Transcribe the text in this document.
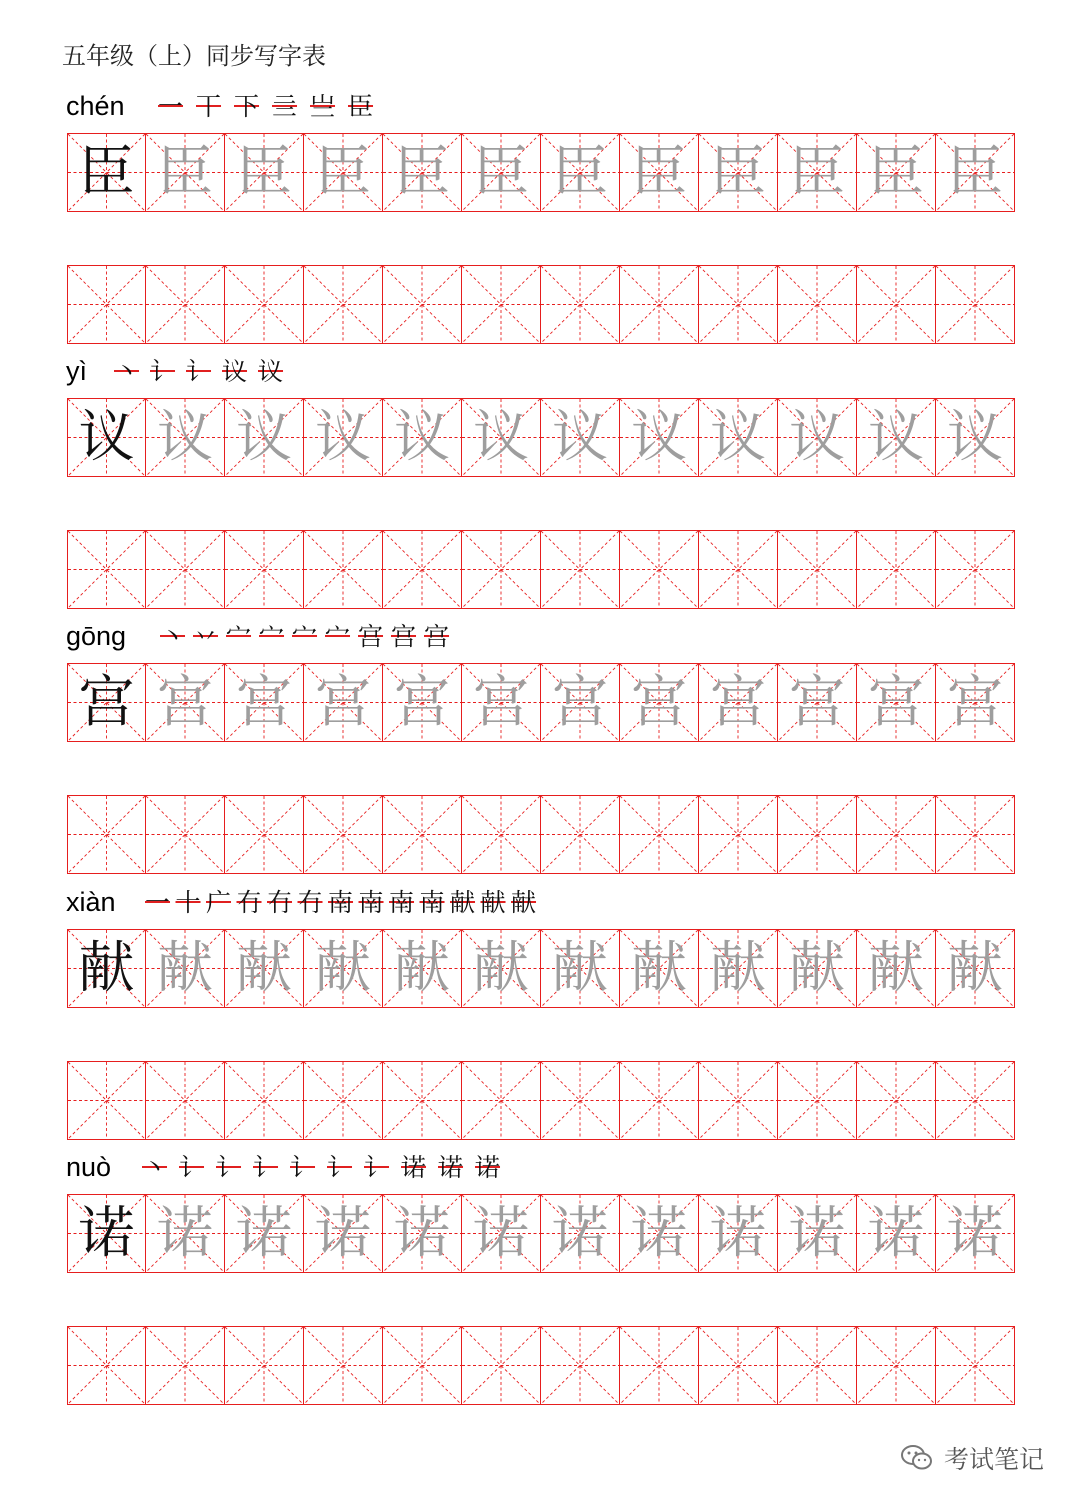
五年级（上）同步写字表
chén 一 丅 下 亖 亗 臣
臣 臣 臣 臣 臣 臣 臣 臣 臣 臣 臣 臣
yì 丶 讠 讠 议 议
议 议 议 议 议 议 议 议 议 议 议 议
gōng 丶 丷 宀 宀 宀 宀 宫 宫 宫
宫 宫 宫 宫 宫 宫 宫 宫 宫 宫 宫 宫
xiàn 一 十 广 冇 冇 冇 南 南 南 南 献 献 献
献 献 献 献 献 献 献 献 献 献 献 献
nuò 丶 讠 讠 讠 讠 讠 讠 诺 诺 诺
诺 诺 诺 诺 诺 诺 诺 诺 诺 诺 诺 诺
考试笔记
